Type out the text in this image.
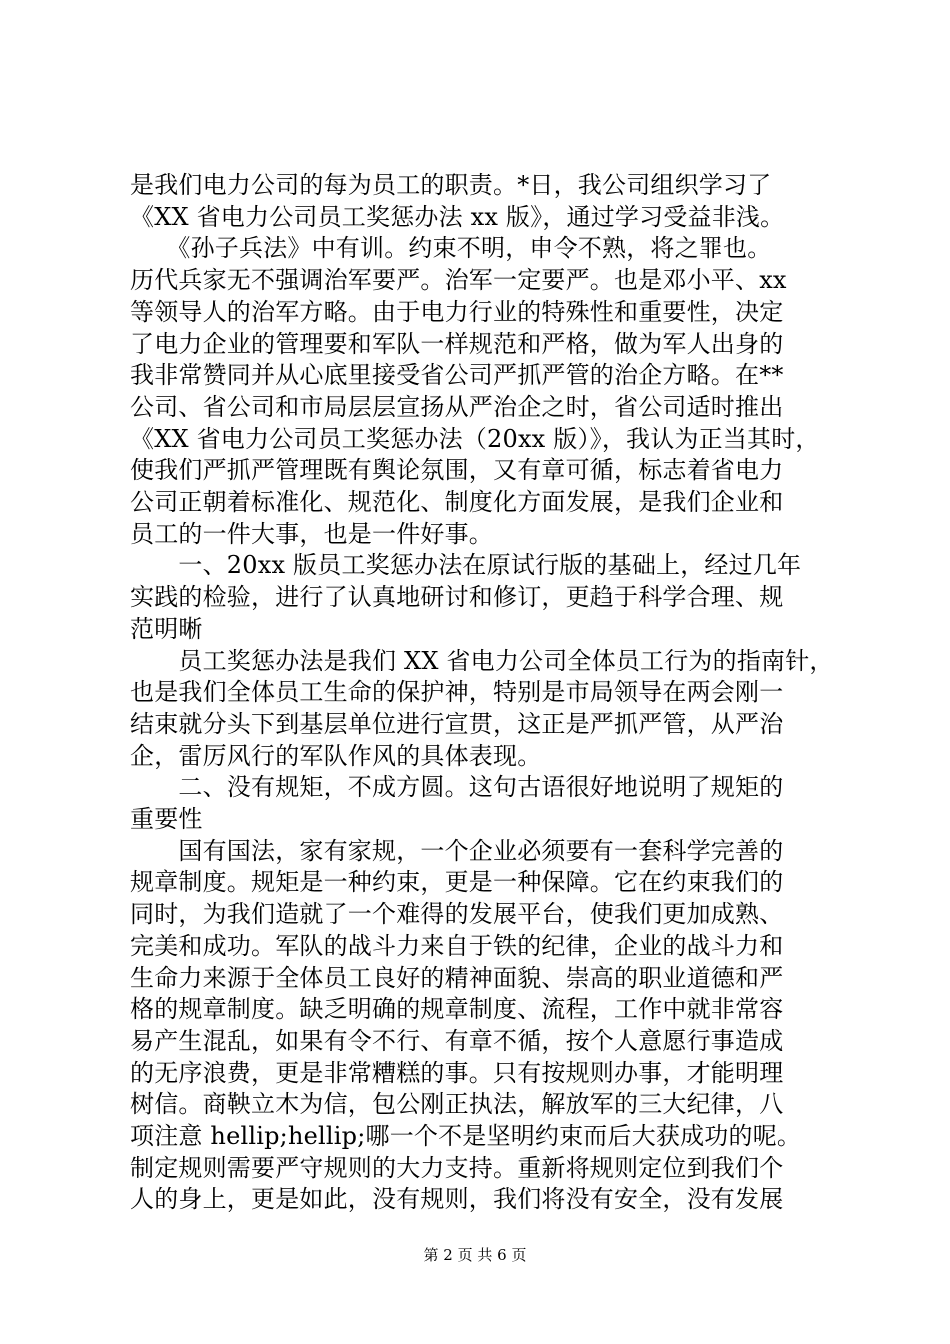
是我们电力公司的每为员工的职责。*日，我公司组织学习了
《XX 省电力公司员工奖惩办法 xx 版》，通过学习受益非浅。
　　《孙子兵法》中有训。约束不明，申令不熟，将之罪也。
历代兵家无不强调治军要严。治军一定要严。也是邓小平、xx
等领导人的治军方略。由于电力行业的特殊性和重要性，决定
了电力企业的管理要和军队一样规范和严格，做为军人出身的
我非常赞同并从心底里接受省公司严抓严管的治企方略。在**
公司、省公司和市局层层宣扬从严治企之时，省公司适时推出
《XX 省电力公司员工奖惩办法（20xx 版）》，我认为正当其时，
使我们严抓严管理既有舆论氛围，又有章可循，标志着省电力
公司正朝着标准化、规范化、制度化方面发展，是我们企业和
员工的一件大事，也是一件好事。
　　一、20xx 版员工奖惩办法在原试行版的基础上，经过几年
实践的检验，进行了认真地研讨和修订，更趋于科学合理、规
范明晰
　　员工奖惩办法是我们 XX 省电力公司全体员工行为的指南针，
也是我们全体员工生命的保护神，特别是市局领导在两会刚一
结束就分头下到基层单位进行宣贯，这正是严抓严管，从严治
企，雷厉风行的军队作风的具体表现。
　　二、没有规矩，不成方圆。这句古语很好地说明了规矩的
重要性
　　国有国法，家有家规，一个企业必须要有一套科学完善的
规章制度。规矩是一种约束，更是一种保障。它在约束我们的
同时，为我们造就了一个难得的发展平台，使我们更加成熟、
完美和成功。军队的战斗力来自于铁的纪律，企业的战斗力和
生命力来源于全体员工良好的精神面貌、崇高的职业道德和严
格的规章制度。缺乏明确的规章制度、流程，工作中就非常容
易产生混乱，如果有令不行、有章不循，按个人意愿行事造成
的无序浪费，更是非常糟糕的事。只有按规则办事，才能明理
树信。商鞅立木为信，包公刚正执法，解放军的三大纪律，八
项注意 hellip;hellip;哪一个不是坚明约束而后大获成功的呢。
制定规则需要严守规则的大力支持。重新将规则定位到我们个
人的身上，更是如此，没有规则，我们将没有安全，没有发展
第 2 页 共 6 页
